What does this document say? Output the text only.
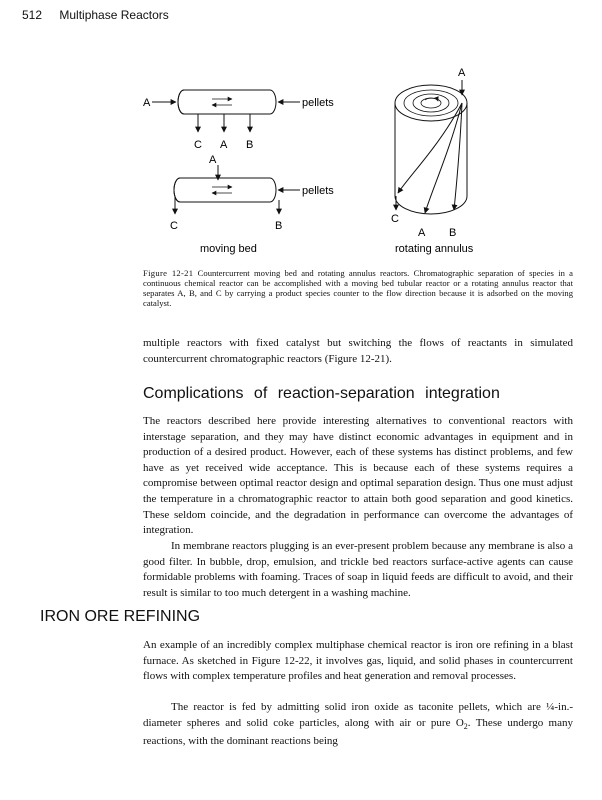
512 Multiphase Reactors
A	pellets
C A B
A
pellets
C	B
moving bed
A
C
A B
rotating annulus
Figure 12-21 Countercurrent moving bed and rotating annulus reactors. Chromatographic separation of species in a continuous chemical reactor can be accomplished with a moving bed tubular reactor or a rotating annulus reactor that separates A, B, and C by carrying a product species counter to the flow direction because it is adsorbed on the moving catalyst.

multiple reactors with fixed catalyst but switching the flows of reactants in simulated countercurrent chromatographic reactors (Figure 12-21).

Complications of reaction-separation integration

The reactors described here provide interesting alternatives to conventional reactors with interstage separation, and they may have distinct economic advantages in equipment and in production of a desired product. However, each of these systems has distinct problems, and few have as yet received wide acceptance. This is because each of these systems requires a compromise between optimal reactor design and optimal separation design. Thus one must adjust the temperature in a chromatographic reactor to attain both good separation and good kinetics. These seldom coincide, and the degradation in performance can overcome the advantages of integration.

In membrane reactors plugging is an ever-present problem because any membrane is also a good filter. In bubble, drop, emulsion, and trickle bed reactors surface-active agents can cause formidable problems with foaming. Traces of soap in liquid feeds are difficult to avoid, and their result is similar to too much detergent in a washing machine.

IRON ORE REFINING

An example of an incredibly complex multiphase chemical reactor is iron ore refining in a blast furnace. As sketched in Figure 12-22, it involves gas, liquid, and solid phases in countercurrent flows with complex temperature profiles and heat generation and removal processes.

The reactor is fed by admitting solid iron oxide as taconite pellets, which are ¼-in.-diameter spheres and solid coke particles, along with air or pure $O_2$. These undergo many reactions, with the dominant reactions being
